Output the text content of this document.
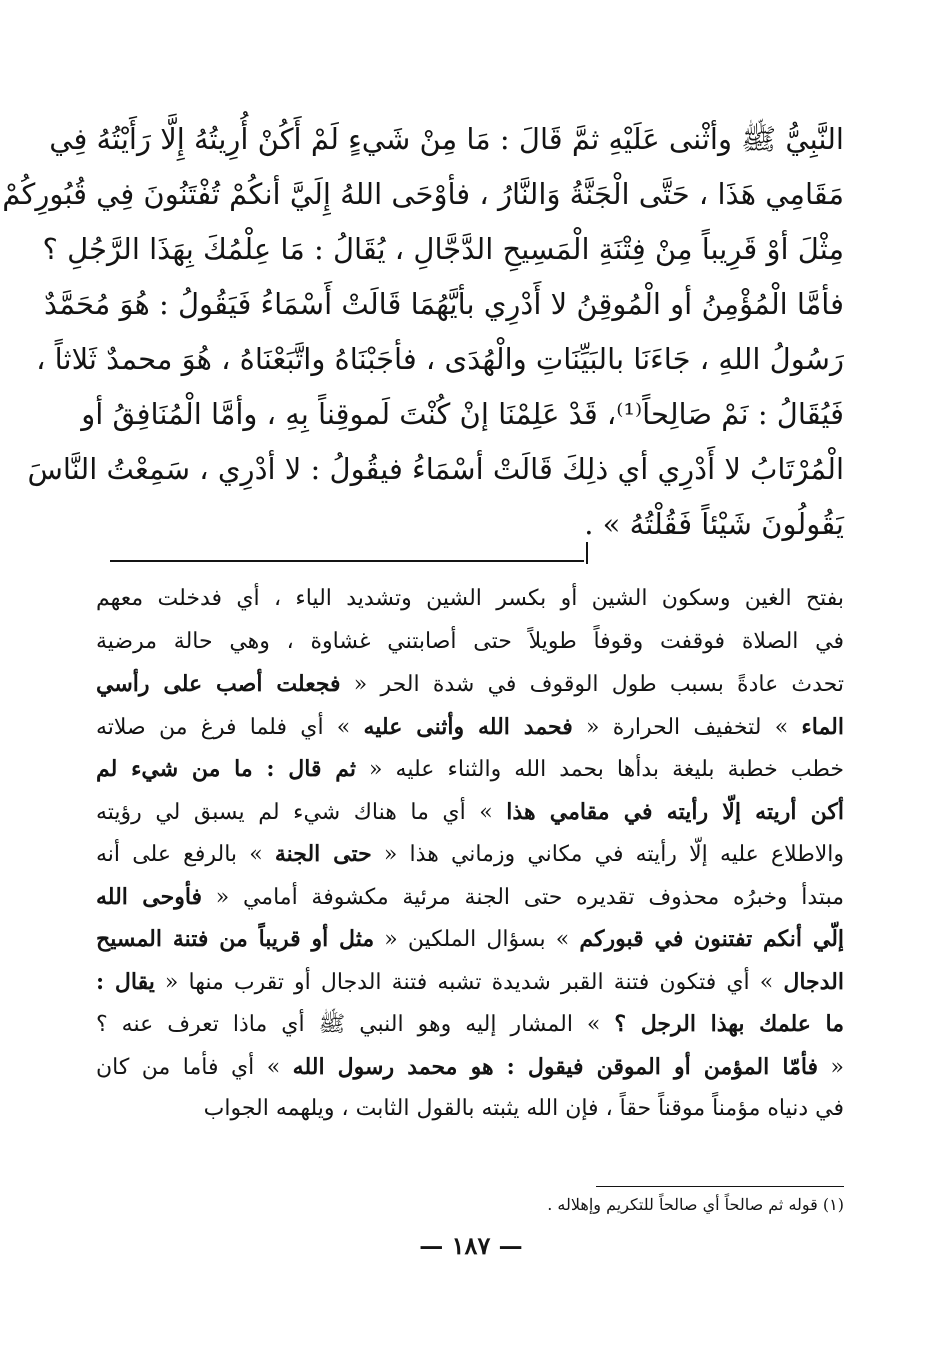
النَّبِيُّ ﷺ وأثْنى عَلَيْهِ ثمَّ قَالَ : مَا مِنْ شَيءٍ لَمْ أَكُنْ أُرِيتُهُ إِلَّا رَأَيْتُهُ فِي
مَقَامِي هَذَا ، حَتَّى الْجَنَّةُ وَالنَّارُ ، فأوْحَى اللهُ إِلَيَّ أنكُمْ تُفْتَنُونَ فِي قُبُورِكُمْ
مِثْلَ أوْ قَرِيباً مِنْ فِتْنَةِ الْمَسِيحِ الدَّجَّالِ ، يُقَالُ : مَا عِلْمُكَ بِهَذَا الرَّجُلِ ؟
فأمَّا الْمُؤْمِنُ أو الْمُوقِنُ لا أَدْرِي بأيَّهُمَا قَالَتْ أَسْمَاءُ فَيَقُولُ : هُوَ مُحَمَّدٌ
رَسُولُ اللهِ ، جَاءَنَا بالبَيِّنَاتِ والْهُدَى ، فأجَبْنَاهُ واتَّبَعْنَاهُ ، هُوَ محمدٌ ثَلاثاً ،
فَيُقَالُ : نَمْ صَالِحاً⁽¹⁾، قَدْ عَلِمْنَا إنْ كُنْتَ لَموقِناً بِهِ ، وأمَّا الْمُنَافِقُ أو
الْمُرْتَابُ لا أَدْرِي أي ذلِكَ قَالَتْ أسْمَاءُ فيقُولُ : لا أدْرِي ، سَمِعْتُ النَّاسَ
يَقُولُونَ شَيْئاً فَقُلْتُهُ » .
بفتح الغين وسكون الشين أو بكسر الشين وتشديد الياء ، أي فدخلت معهم
في الصلاة فوقفت وقوفاً طويلاً حتى أصابتني غشاوة ، وهي حالة مرضية
تحدث عادةً بسبب طول الوقوف في شدة الحر « فجعلت أصب على رأسي
الماء » لتخفيف الحرارة « فحمد الله وأثنى عليه » أي فلما فرغ من صلاته
خطب خطبة بليغة بدأها بحمد الله والثناء عليه « ثم قال : ما من شيء لم
أكن أريته إلّا رأيته في مقامي هذا » أي ما هناك شيء لم يسبق لي رؤيته
والاطلاع عليه إلّا رأيته في مكاني وزماني هذا « حتى الجنة » بالرفع على أنه
مبتدأ وخبرُه محذوف تقديره حتى الجنة مرئية مكشوفة أمامي « فأوحى الله
إلّي أنكم تفتنون في قبوركم » بسؤال الملكين « مثل أو قريباً من فتنة المسيح
الدجال » أي فتكون فتنة القبر شديدة تشبه فتنة الدجال أو تقرب منها « يقال :
ما علمك بهذا الرجل ؟ » المشار إليه وهو النبي ﷺ أي ماذا تعرف عنه ؟
« فأمّا المؤمن أو الموقن فيقول : هو محمد رسول الله » أي فأما من كان
في دنياه مؤمناً موقناً حقاً ، فإن الله يثبته بالقول الثابت ، ويلهمه الجواب
(١) قوله ثم صالحاً أي صالحاً للتكريم وإهلاله .
— ١٨٧ —
